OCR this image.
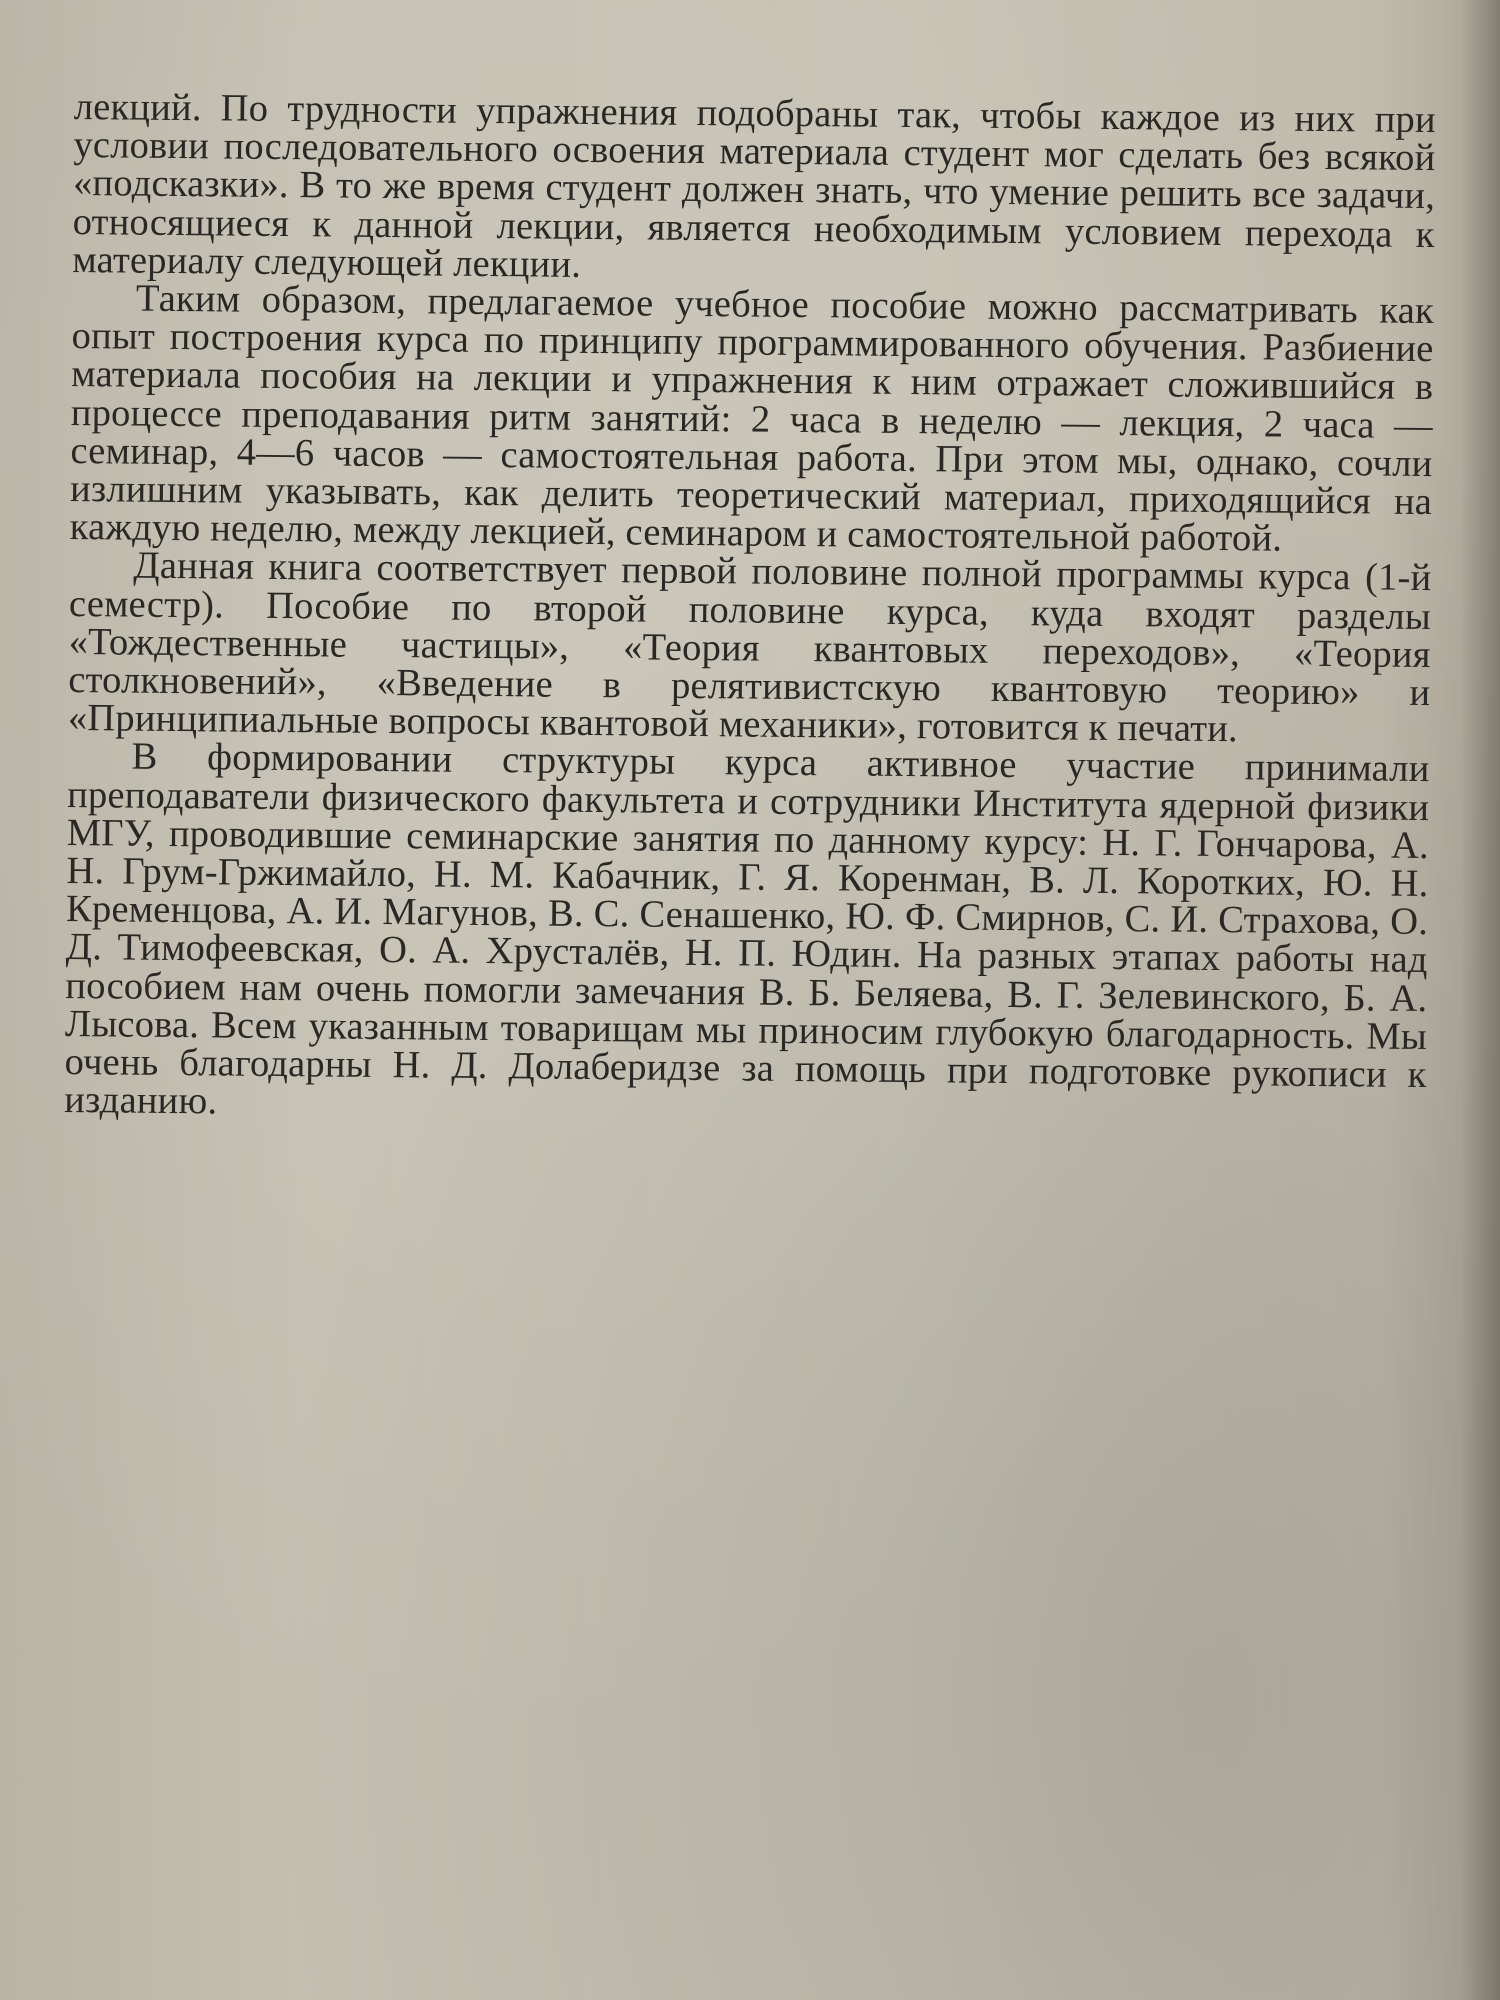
лекций. По трудности упражнения подобраны так, чтобы каждое из них при условии последовательного освоения материала студент мог сделать без всякой «подсказки». В то же время студент должен знать, что умение решить все задачи, относящиеся к данной лекции, является необходимым условием перехода к материалу следующей лекции.

Таким образом, предлагаемое учебное пособие можно рассматривать как опыт построения курса по принципу программированного обучения. Разбиение материала пособия на лекции и упражнения к ним отражает сложившийся в процессе преподавания ритм занятий: 2 часа в неделю — лекция, 2 часа — семинар, 4—6 часов — самостоятельная работа. При этом мы, однако, сочли излишним указывать, как делить теоретический материал, приходящийся на каждую неделю, между лекцией, семинаром и самостоятельной работой.

Данная книга соответствует первой половине полной программы курса (1-й семестр). Пособие по второй половине курса, куда входят разделы «Тождественные частицы», «Теория квантовых переходов», «Теория столкновений», «Введение в релятивистскую квантовую теорию» и «Принципиальные вопросы квантовой механики», готовится к печати.

В формировании структуры курса активное участие принимали преподаватели физического факультета и сотрудники Института ядерной физики МГУ, проводившие семинарские занятия по данному курсу: Н. Г. Гончарова, А. Н. Грум-Гржимайло, Н. М. Кабачник, Г. Я. Коренман, В. Л. Коротких, Ю. Н. Кременцова, А. И. Магунов, В. С. Сенашенко, Ю. Ф. Смирнов, С. И. Страхова, О. Д. Тимофеевская, О. А. Хрусталёв, Н. П. Юдин. На разных этапах работы над пособием нам очень помогли замечания В. Б. Беляева, В. Г. Зелевинского, Б. А. Лысова. Всем указанным товарищам мы приносим глубокую благодарность. Мы очень благодарны Н. Д. Долаберидзе за помощь при подготовке рукописи к изданию.
